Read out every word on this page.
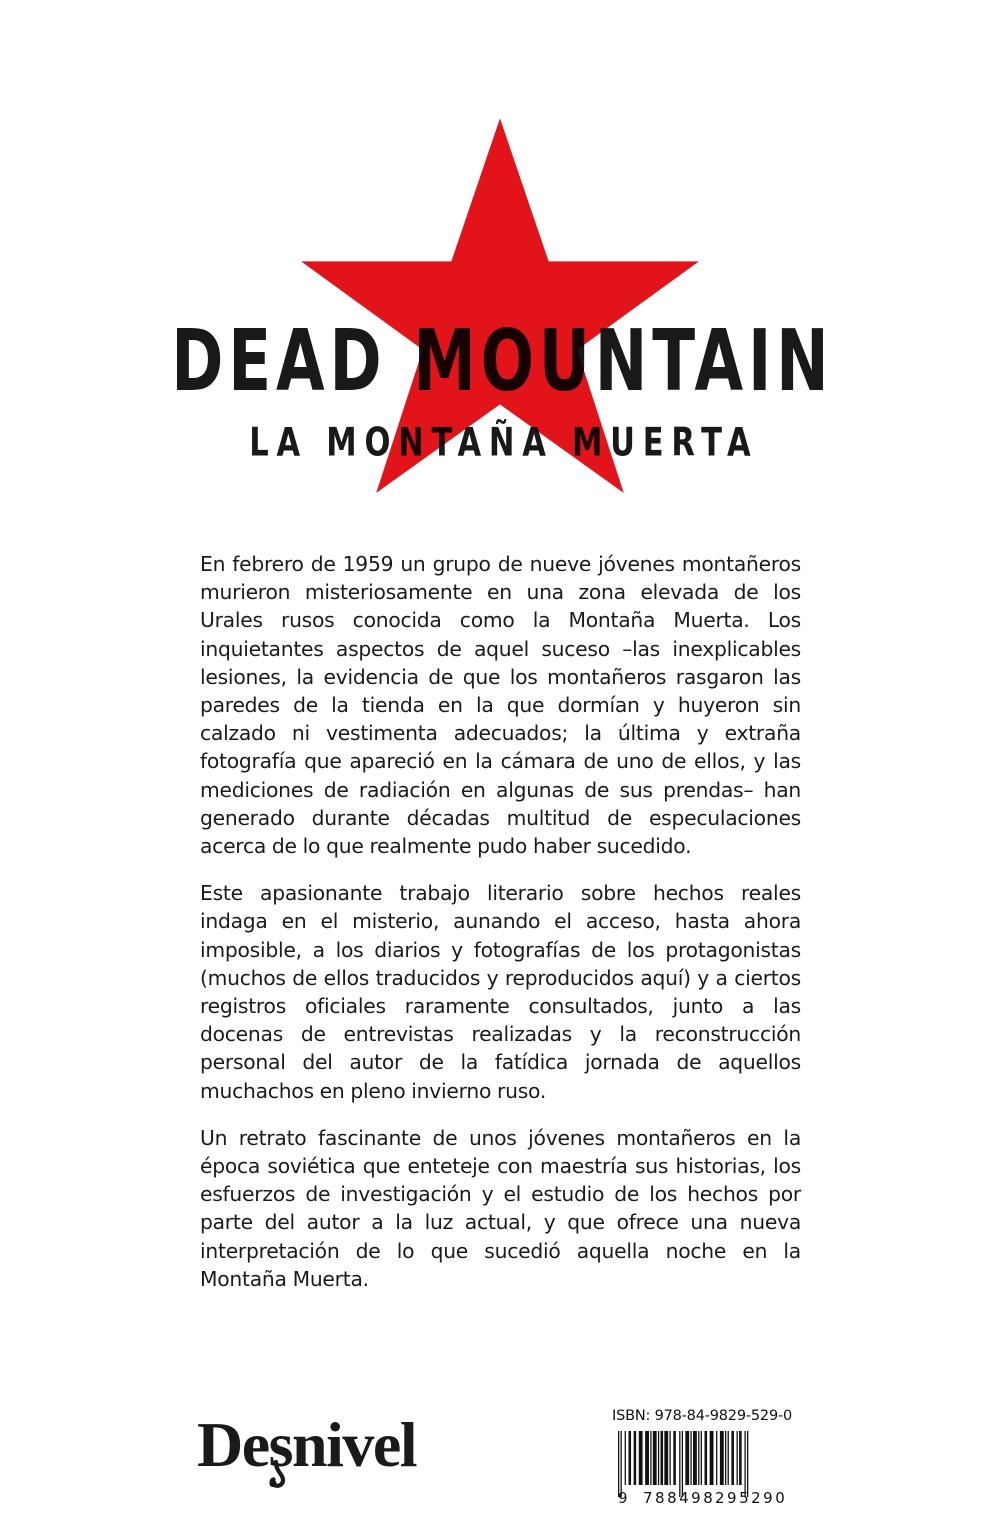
DEAD MOUNTAIN
LA MONTAÑA MUERTA

En febrero de 1959 un grupo de nueve jóvenes montañeros murieron misteriosamente en una zona elevada de los Urales rusos conocida como la Montaña Muerta. Los inquietantes aspectos de aquel suceso –las inexplicables lesiones, la evidencia de que los montañeros rasgaron las paredes de la tienda en la que dormían y huyeron sin calzado ni vestimenta adecuados; la última y extraña fotografía que apareció en la cámara de uno de ellos, y las mediciones de radiación en algunas de sus prendas– han generado durante décadas multitud de especulaciones acerca de lo que realmente pudo haber sucedido.

Este apasionante trabajo literario sobre hechos reales indaga en el misterio, aunando el acceso, hasta ahora imposible, a los diarios y fotografías de los protagonistas (muchos de ellos traducidos y reproducidos aquí) y a ciertos registros oficiales raramente consultados, junto a las docenas de entrevistas realizadas y la reconstrucción personal del autor de la fatídica jornada de aquellos muchachos en pleno invierno ruso.

Un retrato fascinante de unos jóvenes montañeros en la época soviética que enteteje con maestría sus historias, los esfuerzos de investigación y el estudio de los hechos por parte del autor a la luz actual, y que ofrece una nueva interpretación de lo que sucedió aquella noche en la Montaña Muerta.

Desnivel	ISBN: 978-84-9829-529-0
9 788498 295290
